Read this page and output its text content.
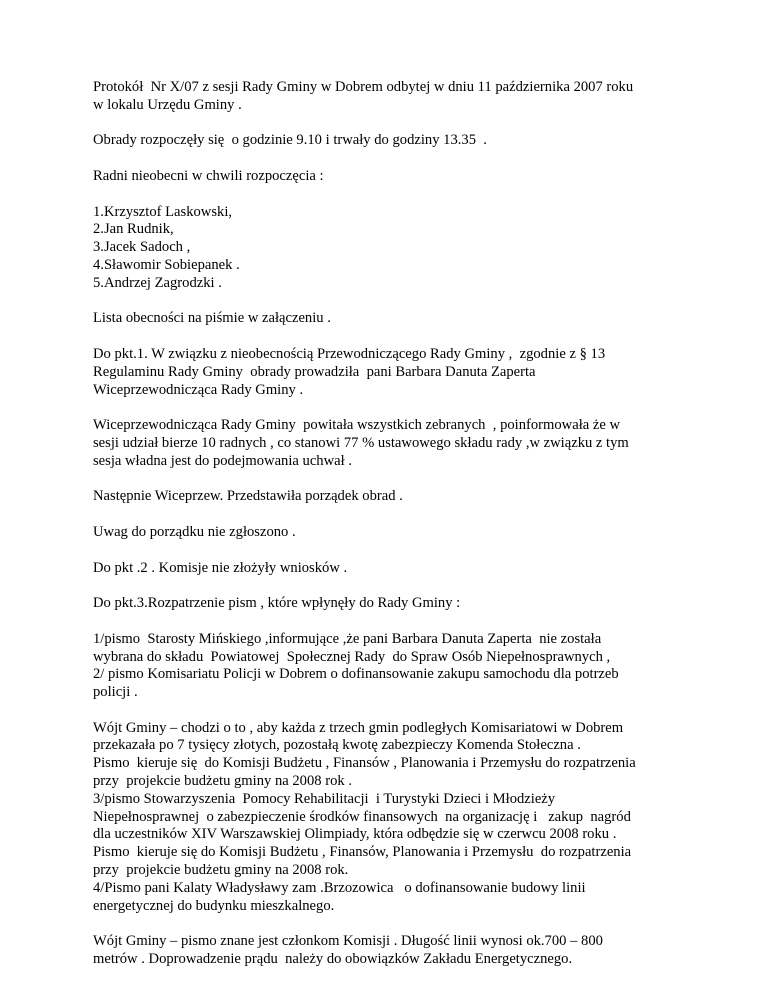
Protokół  Nr X/07 z sesji Rady Gminy w Dobrem odbytej w dniu 11 października 2007 roku
w lokalu Urzędu Gminy .
Obrady rozpoczęły się  o godzinie 9.10 i trwały do godziny 13.35  .
Radni nieobecni w chwili rozpoczęcia :
1.Krzysztof Laskowski,
2.Jan Rudnik,
3.Jacek Sadoch ,
4.Sławomir Sobiepanek .
5.Andrzej Zagrodzki .
Lista obecności na piśmie w załączeniu .
Do pkt.1. W związku z nieobecnością Przewodniczącego Rady Gminy ,  zgodnie z § 13
Regulaminu Rady Gminy  obrady prowadziła  pani Barbara Danuta Zaperta
Wiceprzewodnicząca Rady Gminy .
Wiceprzewodnicząca Rady Gminy  powitała wszystkich zebranych  , poinformowała że w
sesji udział bierze 10 radnych , co stanowi 77 % ustawowego składu rady ,w związku z tym
sesja władna jest do podejmowania uchwał .
Następnie Wiceprzew. Przedstawiła porządek obrad .
Uwag do porządku nie zgłoszono .
Do pkt .2 . Komisje nie złożyły wniosków .
Do pkt.3.Rozpatrzenie pism , które wpłynęły do Rady Gminy :
1/pismo  Starosty Mińskiego ,informujące ,że pani Barbara Danuta Zaperta  nie została
wybrana do składu  Powiatowej  Społecznej Rady  do Spraw Osób Niepełnosprawnych ,
2/ pismo Komisariatu Policji w Dobrem o dofinansowanie zakupu samochodu dla potrzeb
policji .
Wójt Gminy – chodzi o to , aby każda z trzech gmin podległych Komisariatowi w Dobrem
przekazała po 7 tysięcy złotych, pozostałą kwotę zabezpieczy Komenda Stołeczna .
Pismo  kieruje się  do Komisji Budżetu , Finansów , Planowania i Przemysłu do rozpatrzenia
przy  projekcie budżetu gminy na 2008 rok .
3/pismo Stowarzyszenia  Pomocy Rehabilitacji  i Turystyki Dzieci i Młodzieży
Niepełnosprawnej  o zabezpieczenie środków finansowych  na organizację i   zakup  nagród
dla uczestników XIV Warszawskiej Olimpiady, która odbędzie się w czerwcu 2008 roku .
Pismo  kieruje się do Komisji Budżetu , Finansów, Planowania i Przemysłu  do rozpatrzenia
przy  projekcie budżetu gminy na 2008 rok.
4/Pismo pani Kalaty Władysławy zam .Brzozowica   o dofinansowanie budowy linii
energetycznej do budynku mieszkalnego.
Wójt Gminy – pismo znane jest członkom Komisji . Długość linii wynosi ok.700 – 800
metrów . Doprowadzenie prądu  należy do obowiązków Zakładu Energetycznego.
